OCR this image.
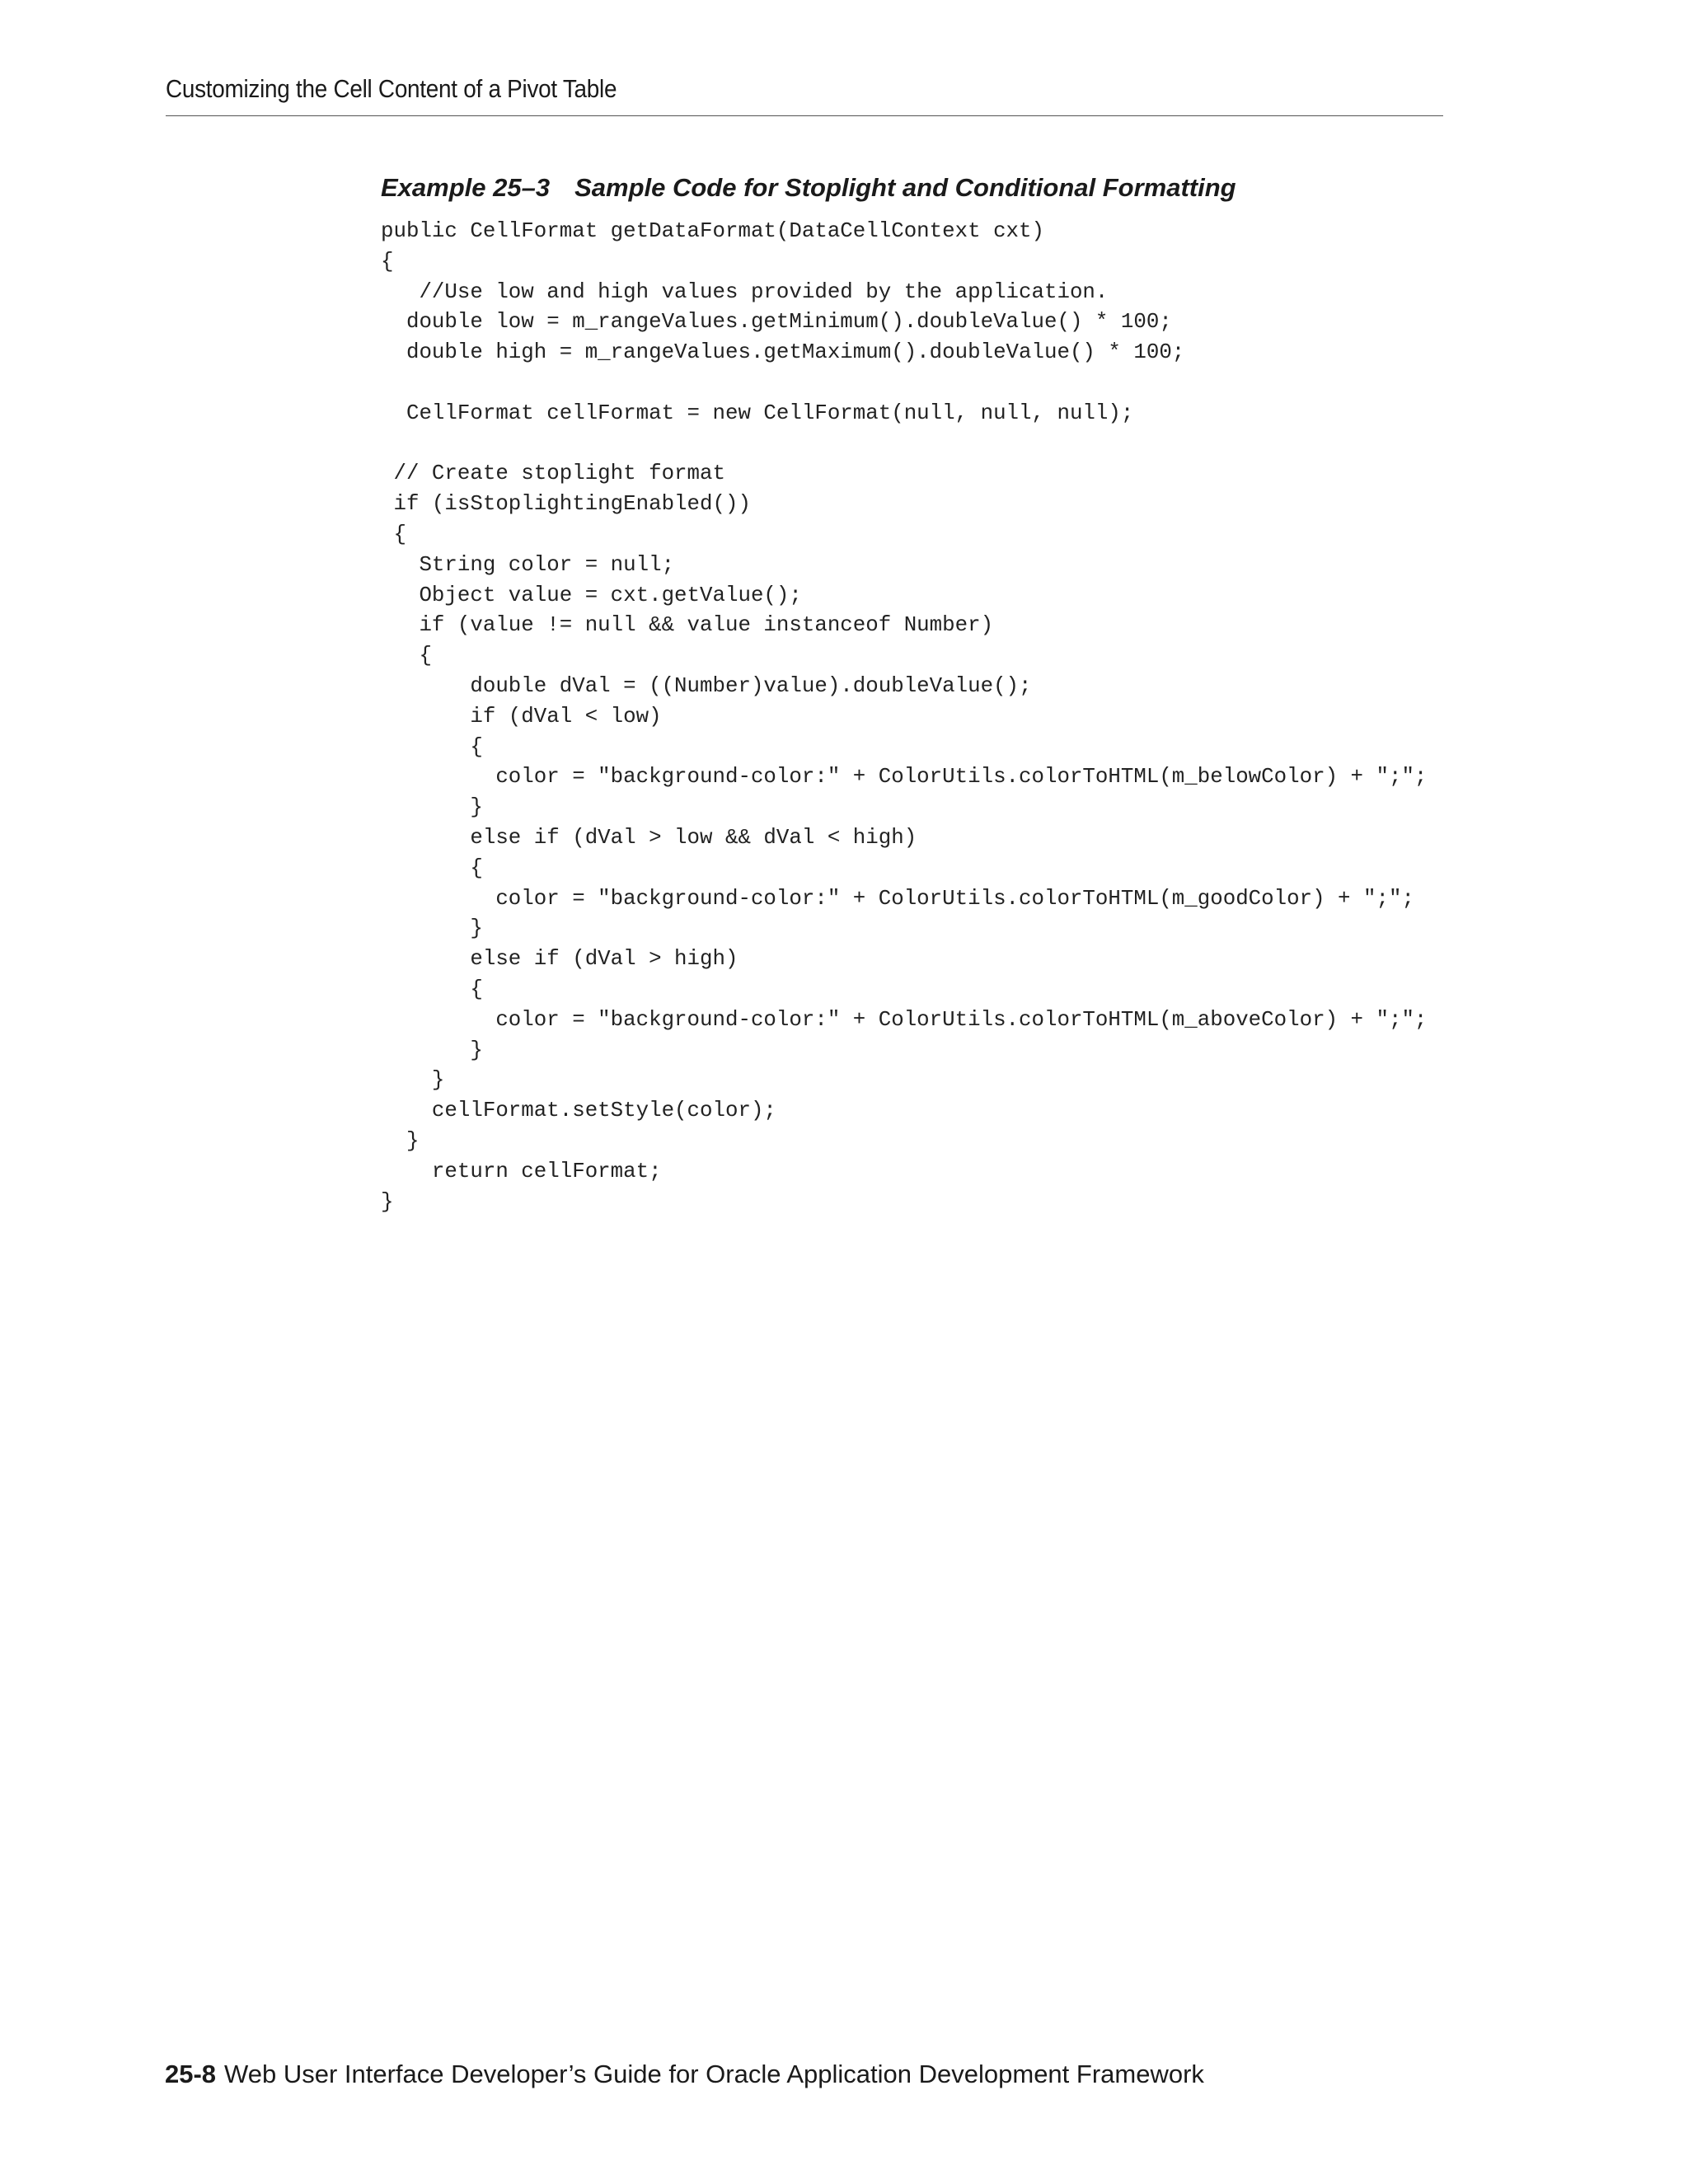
Customizing the Cell Content of a Pivot Table
Example 25–3 Sample Code for Stoplight and Conditional Formatting
public CellFormat getDataFormat(DataCellContext cxt)
{
//Use low and high values provided by the application.
double low = m_rangeValues.getMinimum().doubleValue() * 100;
double high = m_rangeValues.getMaximum().doubleValue() * 100;
CellFormat cellFormat = new CellFormat(null, null, null);
// Create stoplight format
if (isStoplightingEnabled())
{
String color = null;
Object value = cxt.getValue();
if (value != null && value instanceof Number)
{
double dVal = ((Number)value).doubleValue();
if (dVal < low)
{
color = "background-color:" + ColorUtils.colorToHTML(m_belowColor) + ";";
}
else if (dVal > low && dVal < high)
{
color = "background-color:" + ColorUtils.colorToHTML(m_goodColor) + ";";
}
else if (dVal > high)
{
color = "background-color:" + ColorUtils.colorToHTML(m_aboveColor) + ";";
}
}
cellFormat.setStyle(color);
}
return cellFormat;
}
25-8 Web User Interface Developer’s Guide for Oracle Application Development Framework
